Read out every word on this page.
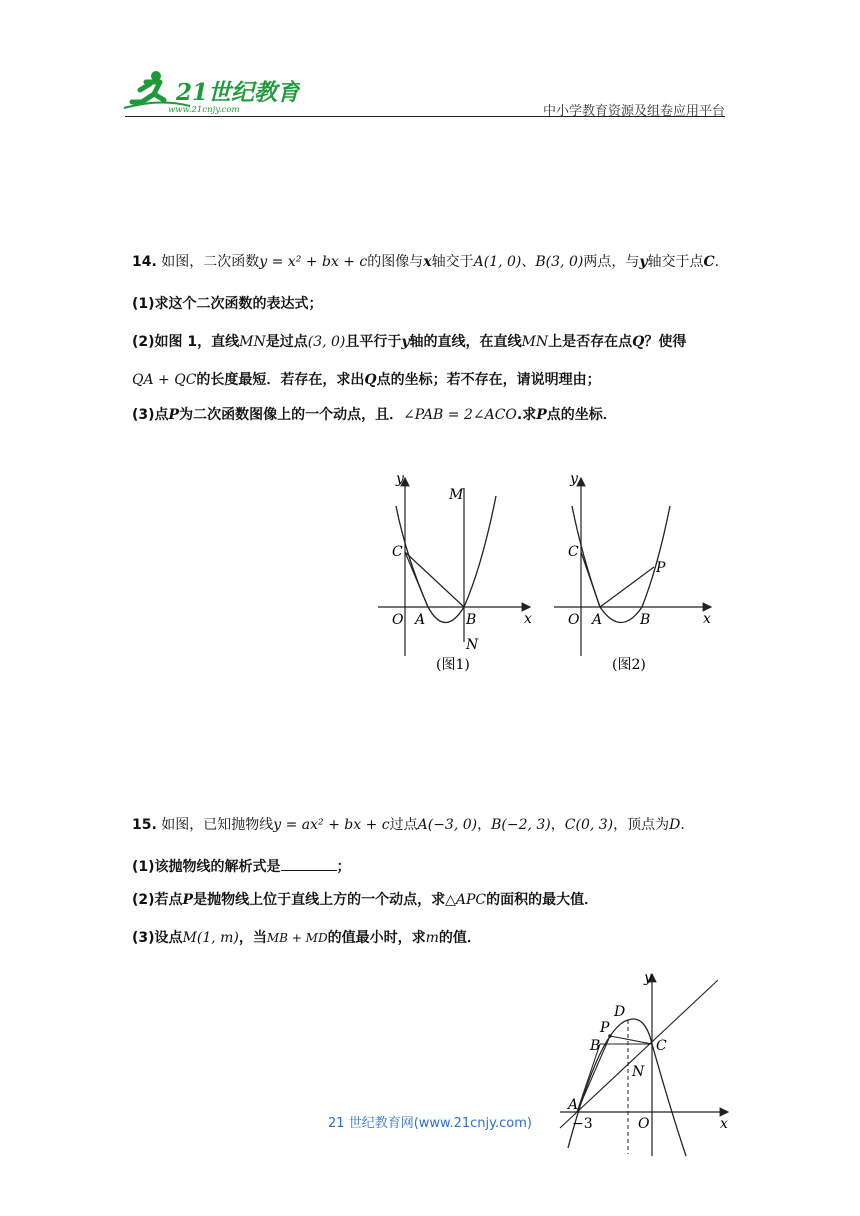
21世纪教育
www.21cnjy.com	中小学教育资源及组卷应用平台
14. 如图，二次函数y = x² + bx + c的图像与x轴交于A(1, 0)、B(3, 0)两点，与y轴交于点C.
(1)求这个二次函数的表达式；
(2)如图 1，直线MN是过点(3, 0)且平行于y轴的直线，在直线MN上是否存在点Q？使得
QA + QC的长度最短．若存在，求出Q点的坐标；若不存在，请说明理由；
(3)点P为二次函数图像上的一个动点，且．∠PAB = 2∠ACO.求P点的坐标．
y
x
O A	B
C
M
N
(图1)
y
x
O A	B
C
P
(图2)
15. 如图，已知抛物线y = ax² + bx + c过点A(−3, 0)，B(−2, 3)，C(0, 3)，顶点为D.
(1)该抛物线的解析式是	；
(2)若点P是抛物线上位于直线上方的一个动点，求△APC的面积的最大值．
(3)设点M(1, m)，当MB + MD的值最小时，求m的值．
y
x
O
A
B	C
D
P
N
−3
21 世纪教育网(www.21cnjy.com)
